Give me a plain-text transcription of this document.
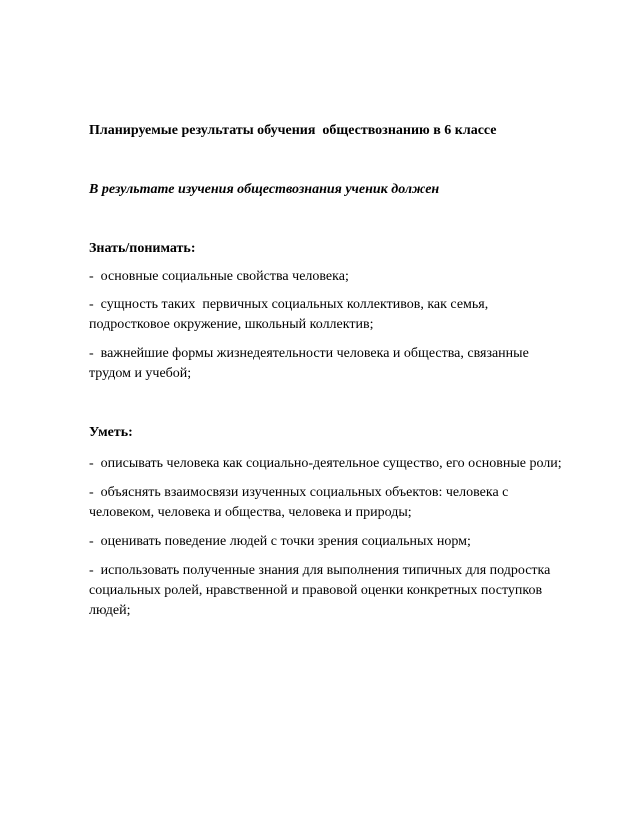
Планируемые результаты обучения  обществознанию в 6 классе
В результате изучения обществознания ученик должен
Знать/понимать:
-  основные социальные свойства человека;
-  сущность таких  первичных социальных коллективов, как семья,
подростковое окружение, школьный коллектив;
-  важнейшие формы жизнедеятельности человека и общества, связанные
трудом и учебой;
Уметь:
-  описывать человека как социально-деятельное существо, его основные роли;
-  объяснять взаимосвязи изученных социальных объектов: человека с
человеком, человека и общества, человека и природы;
-  оценивать поведение людей с точки зрения социальных норм;
-  использовать полученные знания для выполнения типичных для подростка
социальных ролей, нравственной и правовой оценки конкретных поступков
людей;
